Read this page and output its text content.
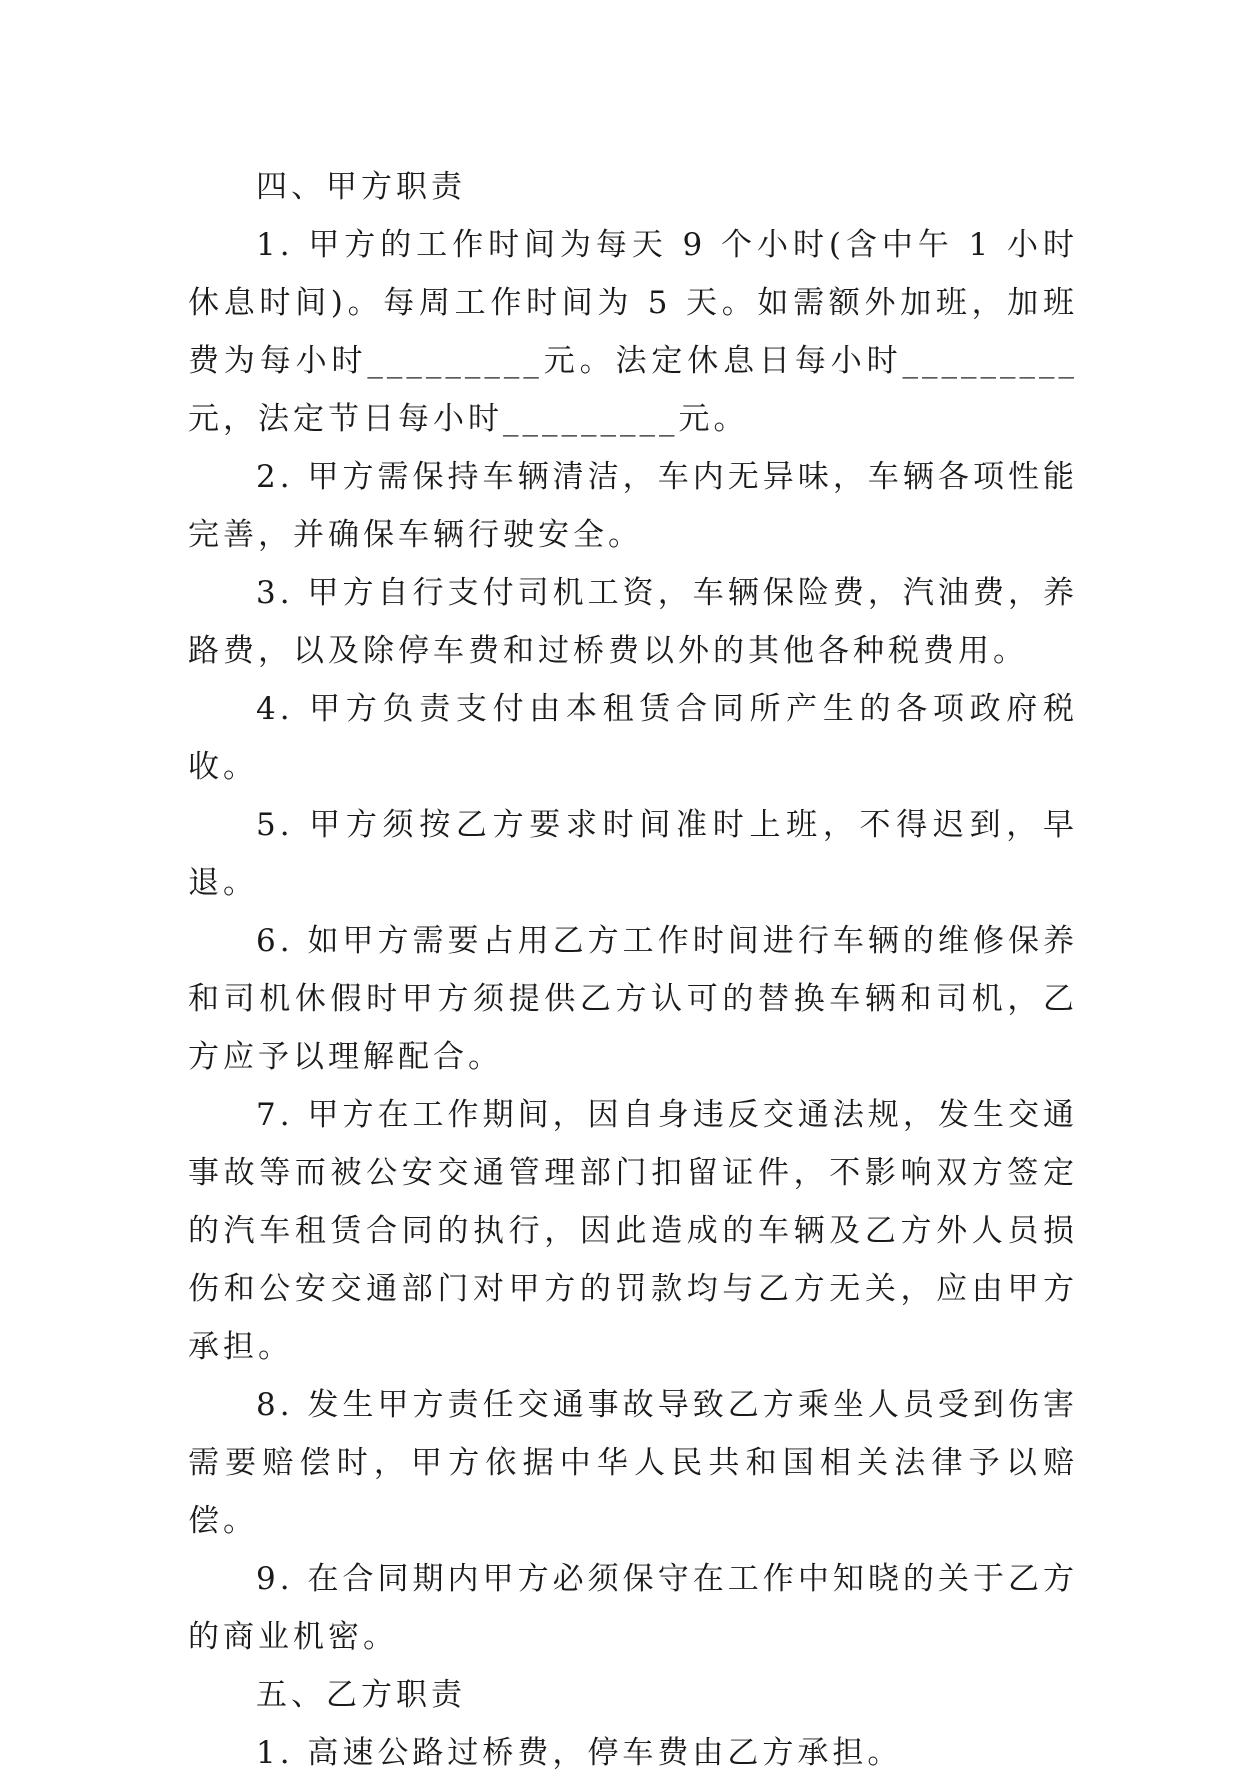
四、甲方职责

1. 甲方的工作时间为每天 9 个小时(含中午 1 小时休息时间)。每周工作时间为 5 天。如需额外加班，加班费为每小时_________元。法定休息日每小时_________元，法定节日每小时_________元。

2. 甲方需保持车辆清洁，车内无异味，车辆各项性能完善，并确保车辆行驶安全。

3. 甲方自行支付司机工资，车辆保险费，汽油费，养路费，以及除停车费和过桥费以外的其他各种税费用。

4. 甲方负责支付由本租赁合同所产生的各项政府税收。

5. 甲方须按乙方要求时间准时上班，不得迟到，早退。

6. 如甲方需要占用乙方工作时间进行车辆的维修保养和司机休假时甲方须提供乙方认可的替换车辆和司机，乙方应予以理解配合。

7. 甲方在工作期间，因自身违反交通法规，发生交通事故等而被公安交通管理部门扣留证件，不影响双方签定的汽车租赁合同的执行，因此造成的车辆及乙方外人员损伤和公安交通部门对甲方的罚款均与乙方无关，应由甲方承担。

8. 发生甲方责任交通事故导致乙方乘坐人员受到伤害需要赔偿时，甲方依据中华人民共和国相关法律予以赔偿。

9. 在合同期内甲方必须保守在工作中知晓的关于乙方的商业机密。

五、乙方职责

1. 高速公路过桥费，停车费由乙方承担。
